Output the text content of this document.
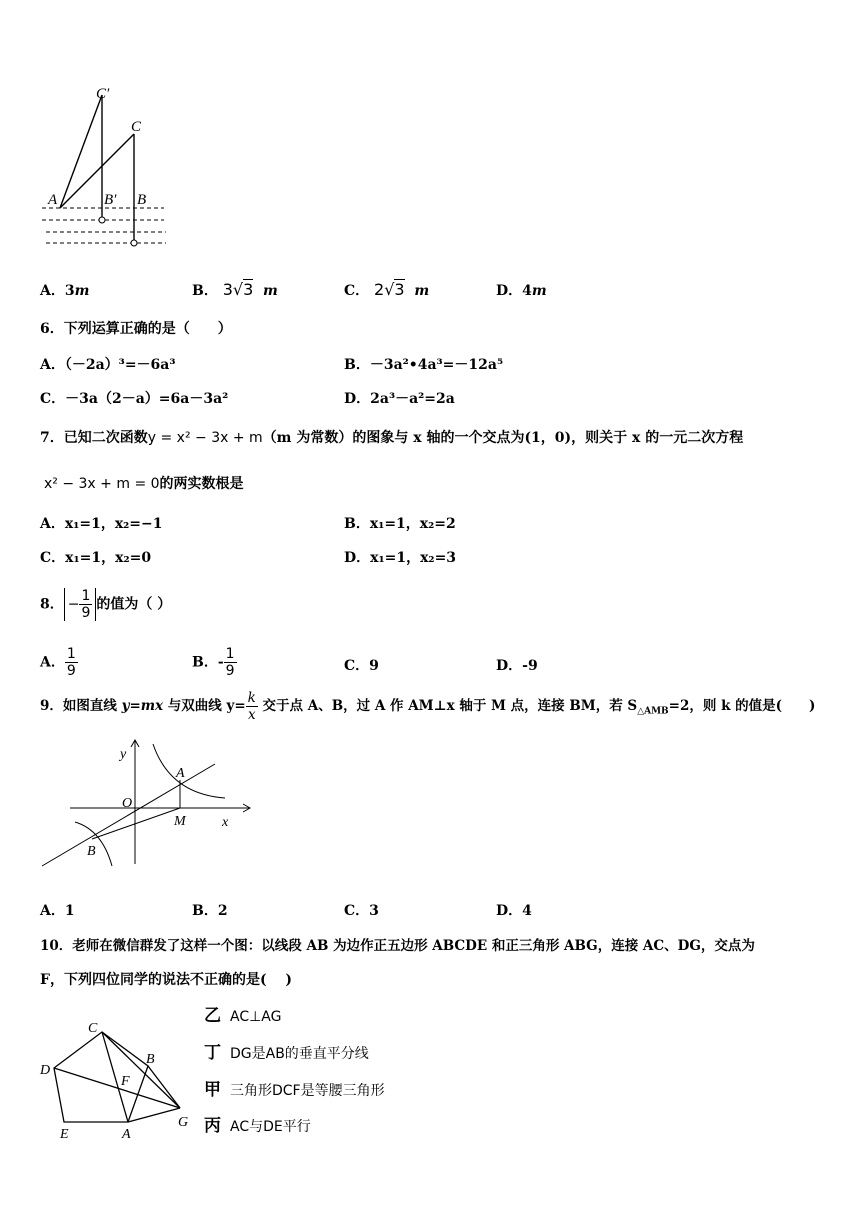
C′
C
A	B′ B
A．3m	B． 3√3 m	C． 2√3 m	D．4m
6．下列运算正确的是（　　）
A．（－2a）³=－6a³	B．－3a²•4a³=－12a⁵
C．－3a（2－a）=6a－3a²	D．2a³－a²=2a
7．已知二次函数y = x² − 3x + m（m 为常数）的图象与 x 轴的一个交点为(1，0)，则关于 x 的一元二次方程
x² − 3x + m = 0的两实数根是
A．x₁=1，x₂=−1	B．x₁=1，x₂=2
C．x₁=1，x₂=0	D．x₁=1，x₂=3
8． − $\frac{1}{9}$ 的值为（ ）
A． $\frac{1}{9}$	B．- $\frac{1}{9}$	C．9	D．-9
9．如图直线 y=mx 与双曲线 $y= \frac{k}{x}$ 交于点 A、B，过 A 作 AM⊥x 轴于 M 点，连接 BM，若 $S_{\triangle AMB}=2$，则 k 的值是(　　)
y
x
O
A
B
M
A．1	B．2	C．3	D．4
10．老师在微信群发了这样一个图：以线段 AB 为边作正五边形 ABCDE 和正三角形 ABG，连接 AC、DG，交点为
F，下列四位同学的说法不正确的是(　 )
C
B
D
F
E	A
G
乙 AC⊥AG
丁 DG是AB的垂直平分线
甲 三角形DCF是等腰三角形
丙 AC与DE平行
